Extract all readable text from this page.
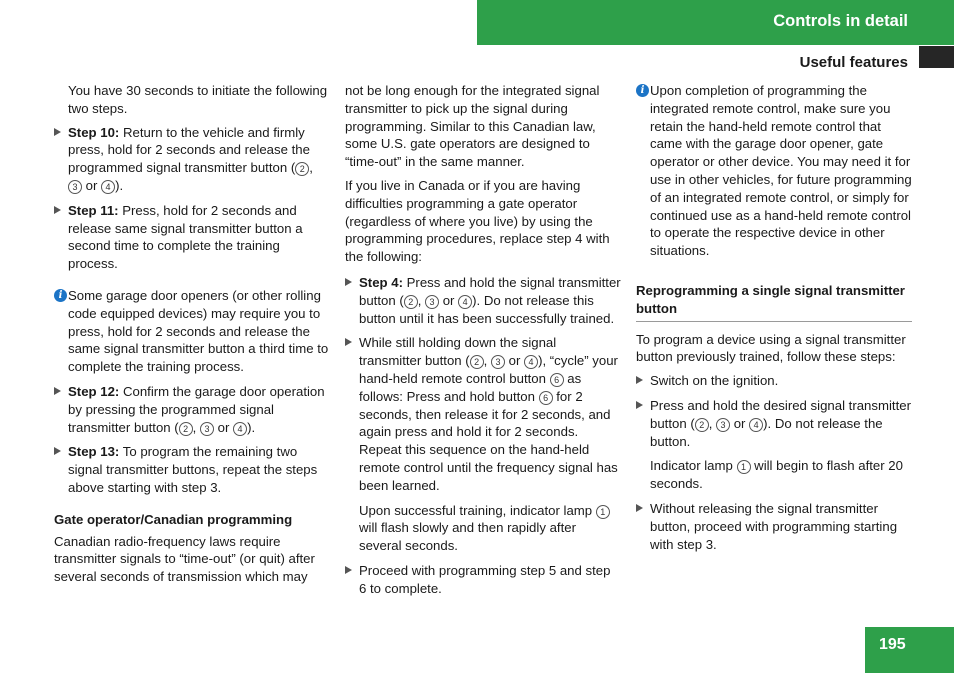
Controls in detail
Useful features

You have 30 seconds to initiate the following two steps.

Step 10: Return to the vehicle and firmly press, hold for 2 seconds and release the programmed signal transmitter button ( 2 , 3 or 4 ).
Step 11: Press, hold for 2 seconds and release same signal transmitter button a second time to complete the training process.
i Some garage door openers (or other rolling code equipped devices) may require you to press, hold for 2 seconds and release the same signal transmitter button a third time to complete the training process.
Step 12: Confirm the garage door operation by pressing the programmed signal transmitter button ( 2 , 3 or 4 ).
Step 13: To program the remaining two signal transmitter buttons, repeat the steps above starting with step 3.
Gate operator/Canadian programming

Canadian radio-frequency laws require transmitter signals to “time-out” (or quit) after several seconds of transmission which may

not be long enough for the integrated signal transmitter to pick up the signal during programming. Similar to this Canadian law, some U.S. gate operators are designed to “time-out” in the same manner.

If you live in Canada or if you are having difficulties programming a gate operator (regardless of where you live) by using the programming procedures, replace step 4 with the following:

Step 4: Press and hold the signal transmitter button ( 2 , 3 or 4 ). Do not release this button until it has been successfully trained.
While still holding down the signal transmitter button ( 2 , 3 or 4 ), “cycle” your hand-held remote control button 6 as follows: Press and hold button 6 for 2 seconds, then release it for 2 seconds, and again press and hold it for 2 seconds. Repeat this sequence on the hand-held remote control until the frequency signal has been learned.

Upon successful training, indicator lamp 1 will flash slowly and then rapidly after several seconds.

Proceed with programming step 5 and step 6 to complete.
i Upon completion of programming the integrated remote control, make sure you retain the hand-held remote control that came with the garage door opener, gate operator or other device. You may need it for use in other vehicles, for future programming of an integrated remote control, or simply for continued use as a hand-held remote control to operate the respective device in other situations.
Reprogramming a single signal transmitter button

To program a device using a signal transmitter button previously trained, follow these steps:

Switch on the ignition.
Press and hold the desired signal transmitter button ( 2 , 3 or 4 ). Do not release the button.

Indicator lamp 1 will begin to flash after 20 seconds.

Without releasing the signal transmitter button, proceed with programming starting with step 3.
195
